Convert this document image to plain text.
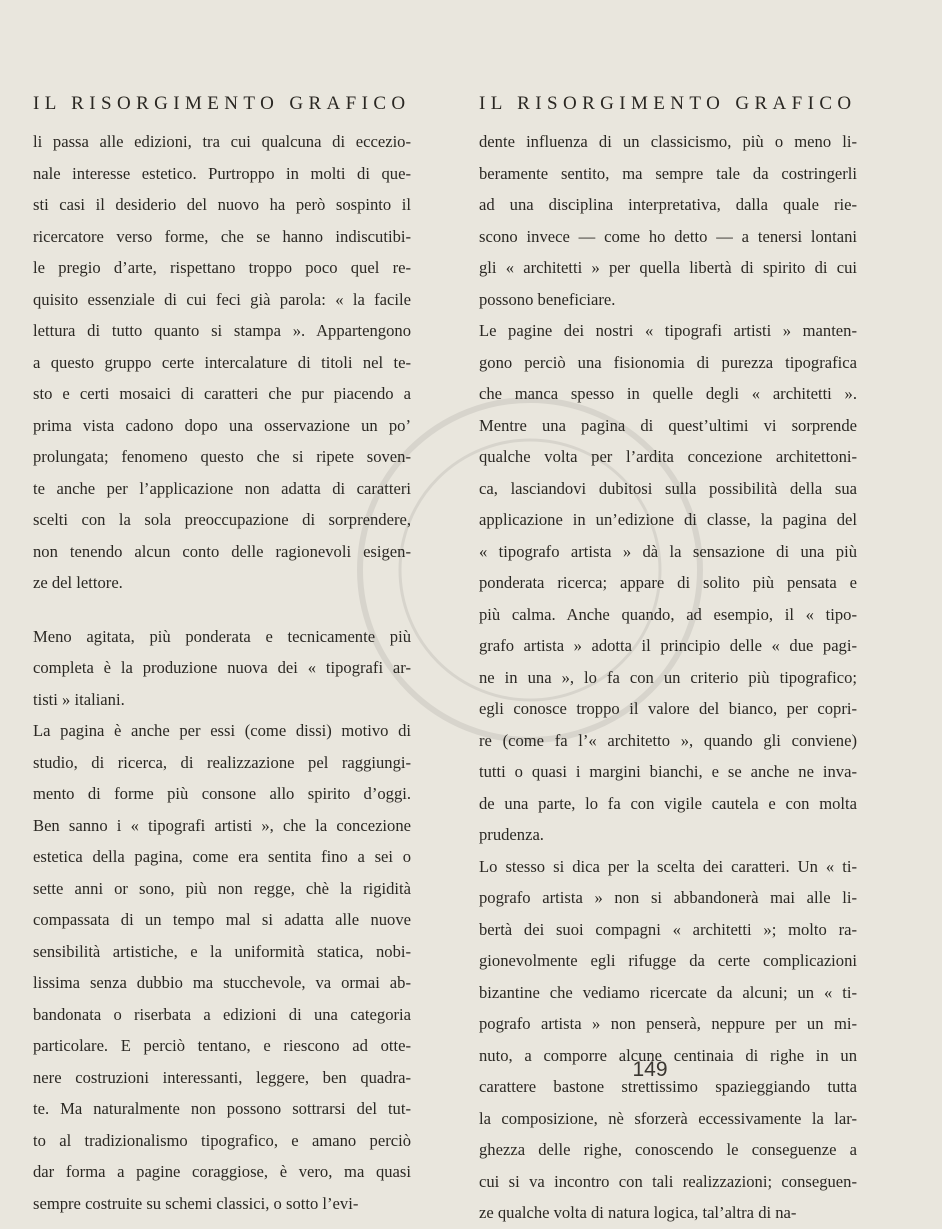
IL RISORGIMENTO GRAFICO
li passa alle edizioni, tra cui qualcuna di eccezio-
nale interesse estetico. Purtroppo in molti di que-
sti casi il desiderio del nuovo ha però sospinto il
ricercatore verso forme, che se hanno indiscutibi-
le pregio d’arte, rispettano troppo poco quel re-
quisito essenziale di cui feci già parola: « la facile
lettura di tutto quanto si stampa ». Appartengono
a questo gruppo certe intercalature di titoli nel te-
sto e certi mosaici di caratteri che pur piacendo a
prima vista cadono dopo una osservazione un po’
prolungata; fenomeno questo che si ripete soven-
te anche per l’applicazione non adatta di caratteri
scelti con la sola preoccupazione di sorprendere,
non tenendo alcun conto delle ragionevoli esigen-
ze del lettore.
Meno agitata, più ponderata e tecnicamente più
completa è la produzione nuova dei « tipografi ar-
tisti » italiani.
La pagina è anche per essi (come dissi) motivo di
studio, di ricerca, di realizzazione pel raggiungi-
mento di forme più consone allo spirito d’oggi.
Ben sanno i « tipografi artisti », che la concezione
estetica della pagina, come era sentita fino a sei o
sette anni or sono, più non regge, chè la rigidità
compassata di un tempo mal si adatta alle nuove
sensibilità artistiche, e la uniformità statica, nobi-
lissima senza dubbio ma stucchevole, va ormai ab-
bandonata o riserbata a edizioni di una categoria
particolare. E perciò tentano, e riescono ad otte-
nere costruzioni interessanti, leggere, ben quadra-
te. Ma naturalmente non possono sottrarsi del tut-
to al tradizionalismo tipografico, e amano perciò
dar forma a pagine coraggiose, è vero, ma quasi
sempre costruite su schemi classici, o sotto l’evi-
IL RISORGIMENTO GRAFICO
dente influenza di un classicismo, più o meno li-
beramente sentito, ma sempre tale da costringerli
ad una disciplina interpretativa, dalla quale rie-
scono invece — come ho detto — a tenersi lontani
gli « architetti » per quella libertà di spirito di cui
possono beneficiare.
Le pagine dei nostri « tipografi artisti » manten-
gono perciò una fisionomia di purezza tipografica
che manca spesso in quelle degli « architetti ».
Mentre una pagina di quest’ultimi vi sorprende
qualche volta per l’ardita concezione architettoni-
ca, lasciandovi dubitosi sulla possibilità della sua
applicazione in un’edizione di classe, la pagina del
« tipografo artista » dà la sensazione di una più
ponderata ricerca; appare di solito più pensata e
più calma. Anche quando, ad esempio, il « tipo-
grafo artista » adotta il principio delle « due pagi-
ne in una », lo fa con un criterio più tipografico;
egli conosce troppo il valore del bianco, per copri-
re (come fa l’« architetto », quando gli conviene)
tutti o quasi i margini bianchi, e se anche ne inva-
de una parte, lo fa con vigile cautela e con molta
prudenza.
Lo stesso si dica per la scelta dei caratteri. Un « ti-
pografo artista » non si abbandonerà mai alle li-
bertà dei suoi compagni « architetti »; molto ra-
gionevolmente egli rifugge da certe complicazioni
bizantine che vediamo ricercate da alcuni; un « ti-
pografo artista » non penserà, neppure per un mi-
nuto, a comporre alcune centinaia di righe in un
carattere bastone strettissimo spazieggiando tutta
la composizione, nè sforzerà eccessivamente la lar-
ghezza delle righe, conoscendo le conseguenze a
cui si va incontro con tali realizzazioni; conseguen-
ze qualche volta di natura logica, tal’altra di na-
149
